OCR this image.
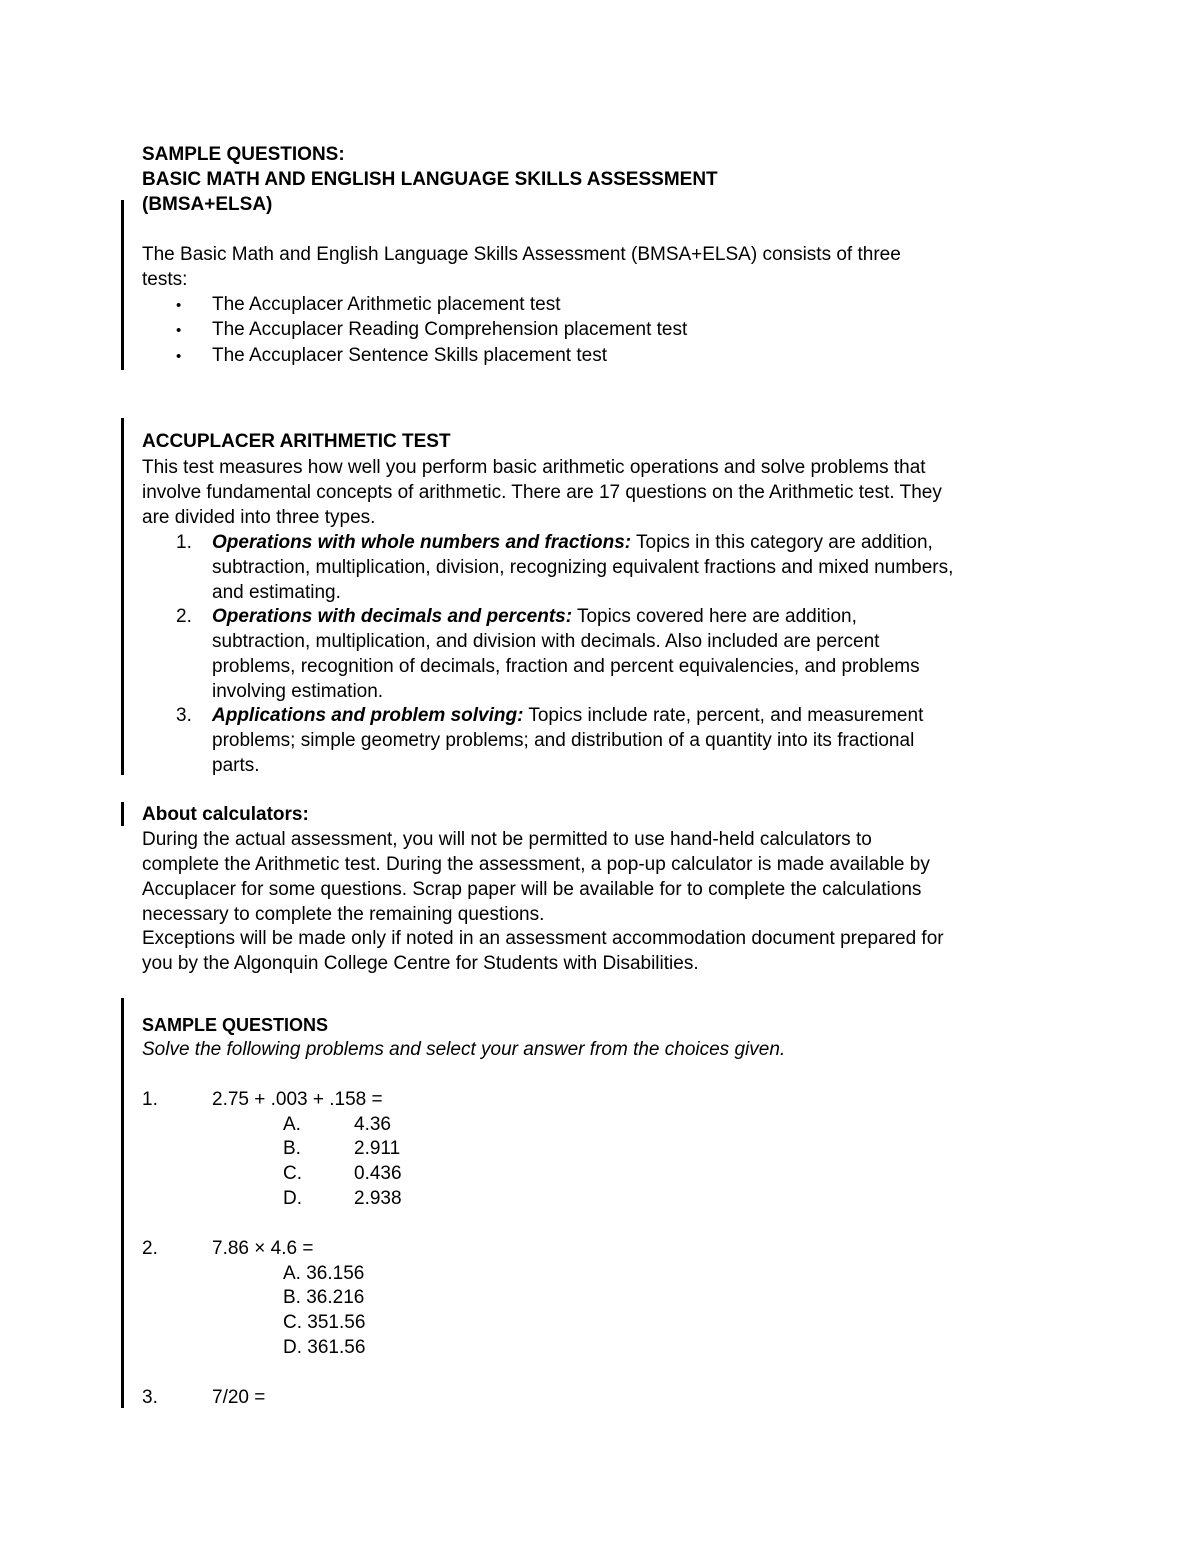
SAMPLE QUESTIONS:
BASIC MATH AND ENGLISH LANGUAGE SKILLS ASSESSMENT
(BMSA+ELSA)
The Basic Math and English Language Skills Assessment (BMSA+ELSA) consists of three
tests:
• The Accuplacer Arithmetic placement test
• The Accuplacer Reading Comprehension placement test
• The Accuplacer Sentence Skills placement test
ACCUPLACER ARITHMETIC TEST
This test measures how well you perform basic arithmetic operations and solve problems that
involve fundamental concepts of arithmetic. There are 17 questions on the Arithmetic test. They
are divided into three types.
1. Operations with whole numbers and fractions: Topics in this category are addition,
subtraction, multiplication, division, recognizing equivalent fractions and mixed numbers,
and estimating.
2. Operations with decimals and percents: Topics covered here are addition,
subtraction, multiplication, and division with decimals. Also included are percent
problems, recognition of decimals, fraction and percent equivalencies, and problems
involving estimation.
3. Applications and problem solving: Topics include rate, percent, and measurement
problems; simple geometry problems; and distribution of a quantity into its fractional
parts.
About calculators:
During the actual assessment, you will not be permitted to use hand-held calculators to
complete the Arithmetic test. During the assessment, a pop-up calculator is made available by
Accuplacer for some questions. Scrap paper will be available for to complete the calculations
necessary to complete the remaining questions.
Exceptions will be made only if noted in an assessment accommodation document prepared for
you by the Algonquin College Centre for Students with Disabilities.
SAMPLE QUESTIONS
Solve the following problems and select your answer from the choices given.
1.	2.75 + .003 + .158 =
A.	4.36
B.	2.911
C.	0.436
D.	2.938
2.	7.86 × 4.6 =
A. 36.156
B. 36.216
C. 351.56
D. 361.56
3.	7/20 =
